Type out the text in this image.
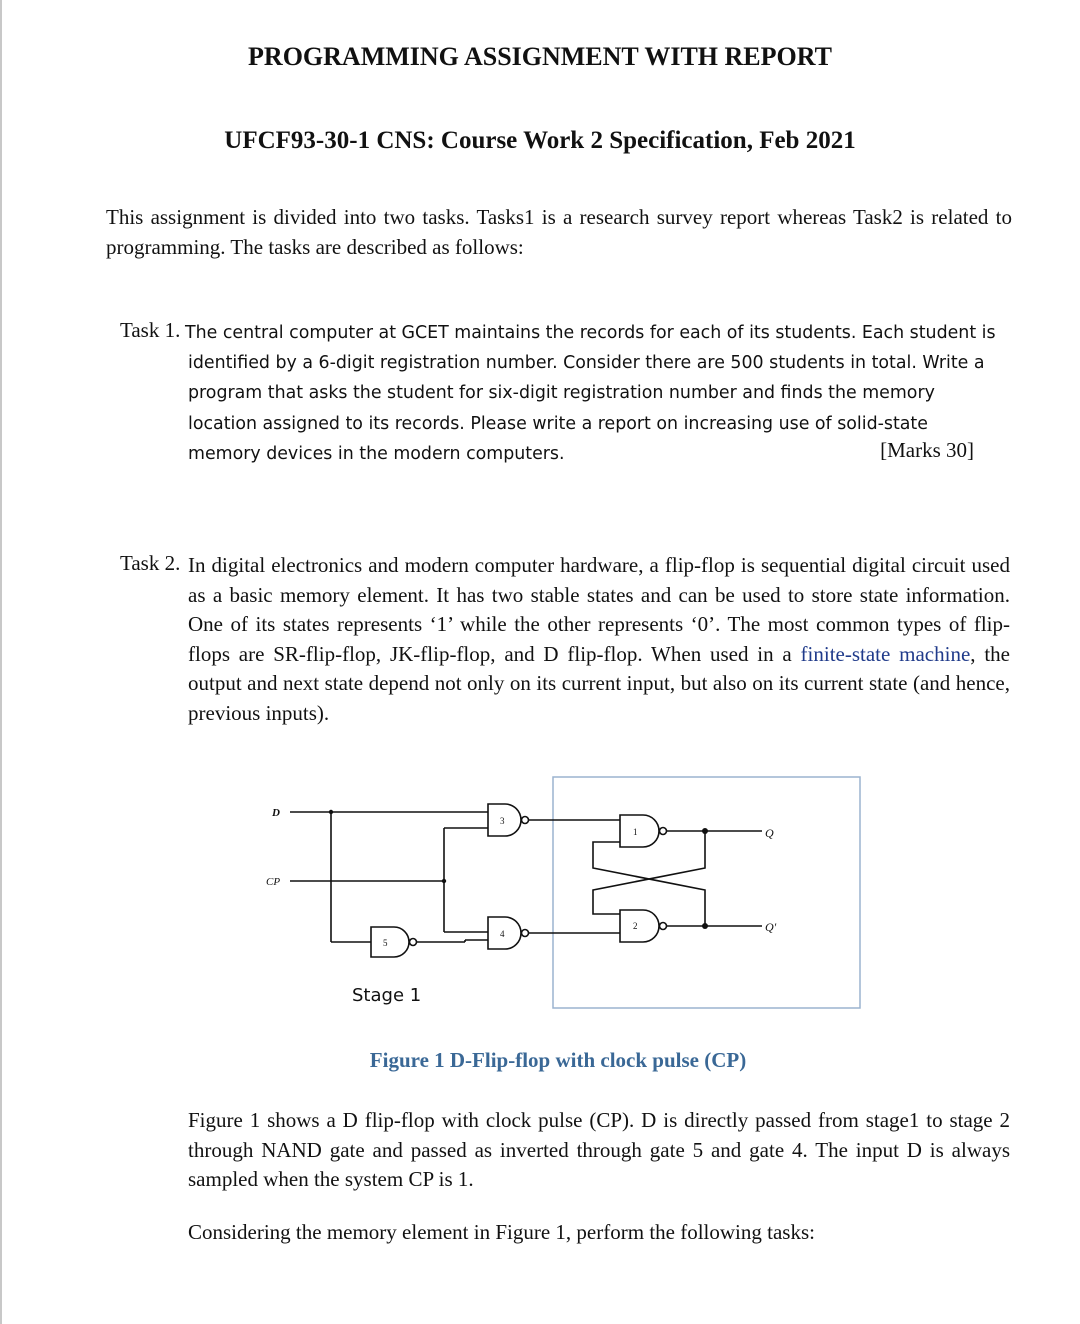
PROGRAMMING ASSIGNMENT WITH REPORT
UFCF93-30-1 CNS: Course Work 2 Specification, Feb 2021

This assignment is divided into two tasks. Tasks1 is a research survey report whereas Task2 is related to programming. The tasks are described as follows:

Task 1. The central computer at GCET maintains the records for each of its students. Each student is
identified by a 6-digit registration number. Consider there are 500 students in total. Write a program that asks the student for six-digit registration number and finds the memory location assigned to its records. Please write a report on increasing use of solid-state memory devices in the modern computers.	[Marks 30]
Task 2. In digital electronics and modern computer hardware, a flip-flop is sequential digital circuit used as a basic memory element. It has two stable states and can be used to store state information. One of its states represents ‘1’ while the other represents ‘0’. The most common types of flip-flops are SR-flip-flop, JK-flip-flop, and D flip-flop. When used in a finite-state machine, the output and next state depend not only on its current input, but also on its current state (and hence, previous inputs).

D
CP
Q
Q'
1
2
3
4
5
Stage 1
Figure 1 D-Flip-flop with clock pulse (CP)

Figure 1 shows a D flip-flop with clock pulse (CP). D is directly passed from stage1 to stage 2 through NAND gate and passed as inverted through gate 5 and gate 4. The input D is always sampled when the system CP is 1.

Considering the memory element in Figure 1, perform the following tasks:
